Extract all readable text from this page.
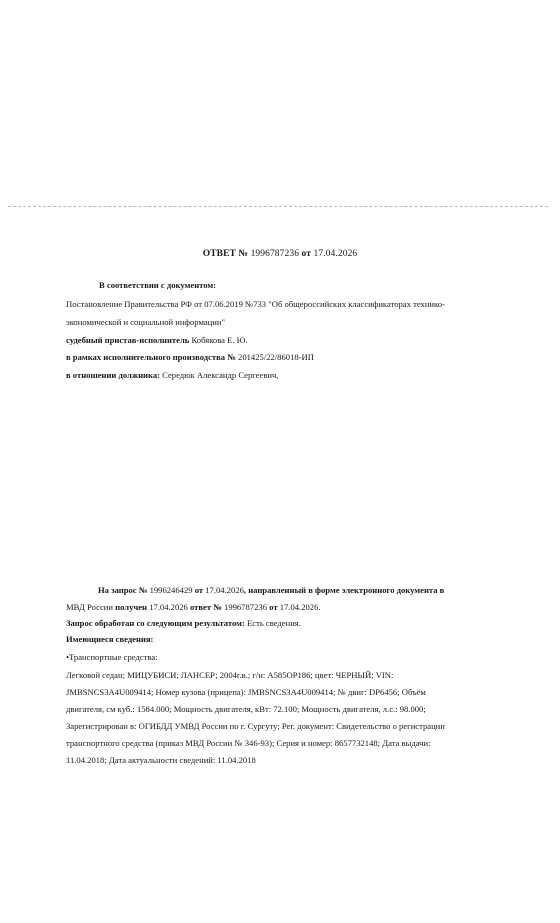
ОТВЕТ № 1996787236 от 17.04.2026
В соответствии с документом:
Постановление Правительства РФ от 07.06.2019 №733 "Об общероссийских классификаторах технико-
экономической и социальной информации"
судебный пристав-исполнитель Кобякова Е. Ю.
в рамках исполнительного производства № 201425/22/86018-ИП
в отношении должника: Середюк Александр Сергеевич,
На запрос № 1996246429 от 17.04.2026, направленный в форме электронного документа в
МВД России получен 17.04.2026 ответ № 1996787236 от 17.04.2026.
Запрос обработан со следующим результатом: Есть сведения.
Имеющиеся сведения:
•Транспортные средства:
Легковой седан; МИЦУБИСИ; ЛАНСЕР; 2004г.в.; г/н: А585ОР186; цвет: ЧЕРНЫЙ; VIN:
JMBSNCS3A4U009414; Номер кузова (прицепа): JMBSNCS3A4U009414; № двиг: DP6456; Объём
двигателя, см куб.: 1584.000; Мощность двигателя, кВт: 72.100; Мощность двигателя, л.с.: 98.000;
Зарегистрирован в: ОГИБДД УМВД России по г. Сургуту; Рег. документ: Свидетельство о регистрации
транспортного средства (приказ МВД России № 346-93); Серия и номер: 8657732148; Дата выдачи:
11.04.2018; Дата актуальности сведений: 11.04.2018
